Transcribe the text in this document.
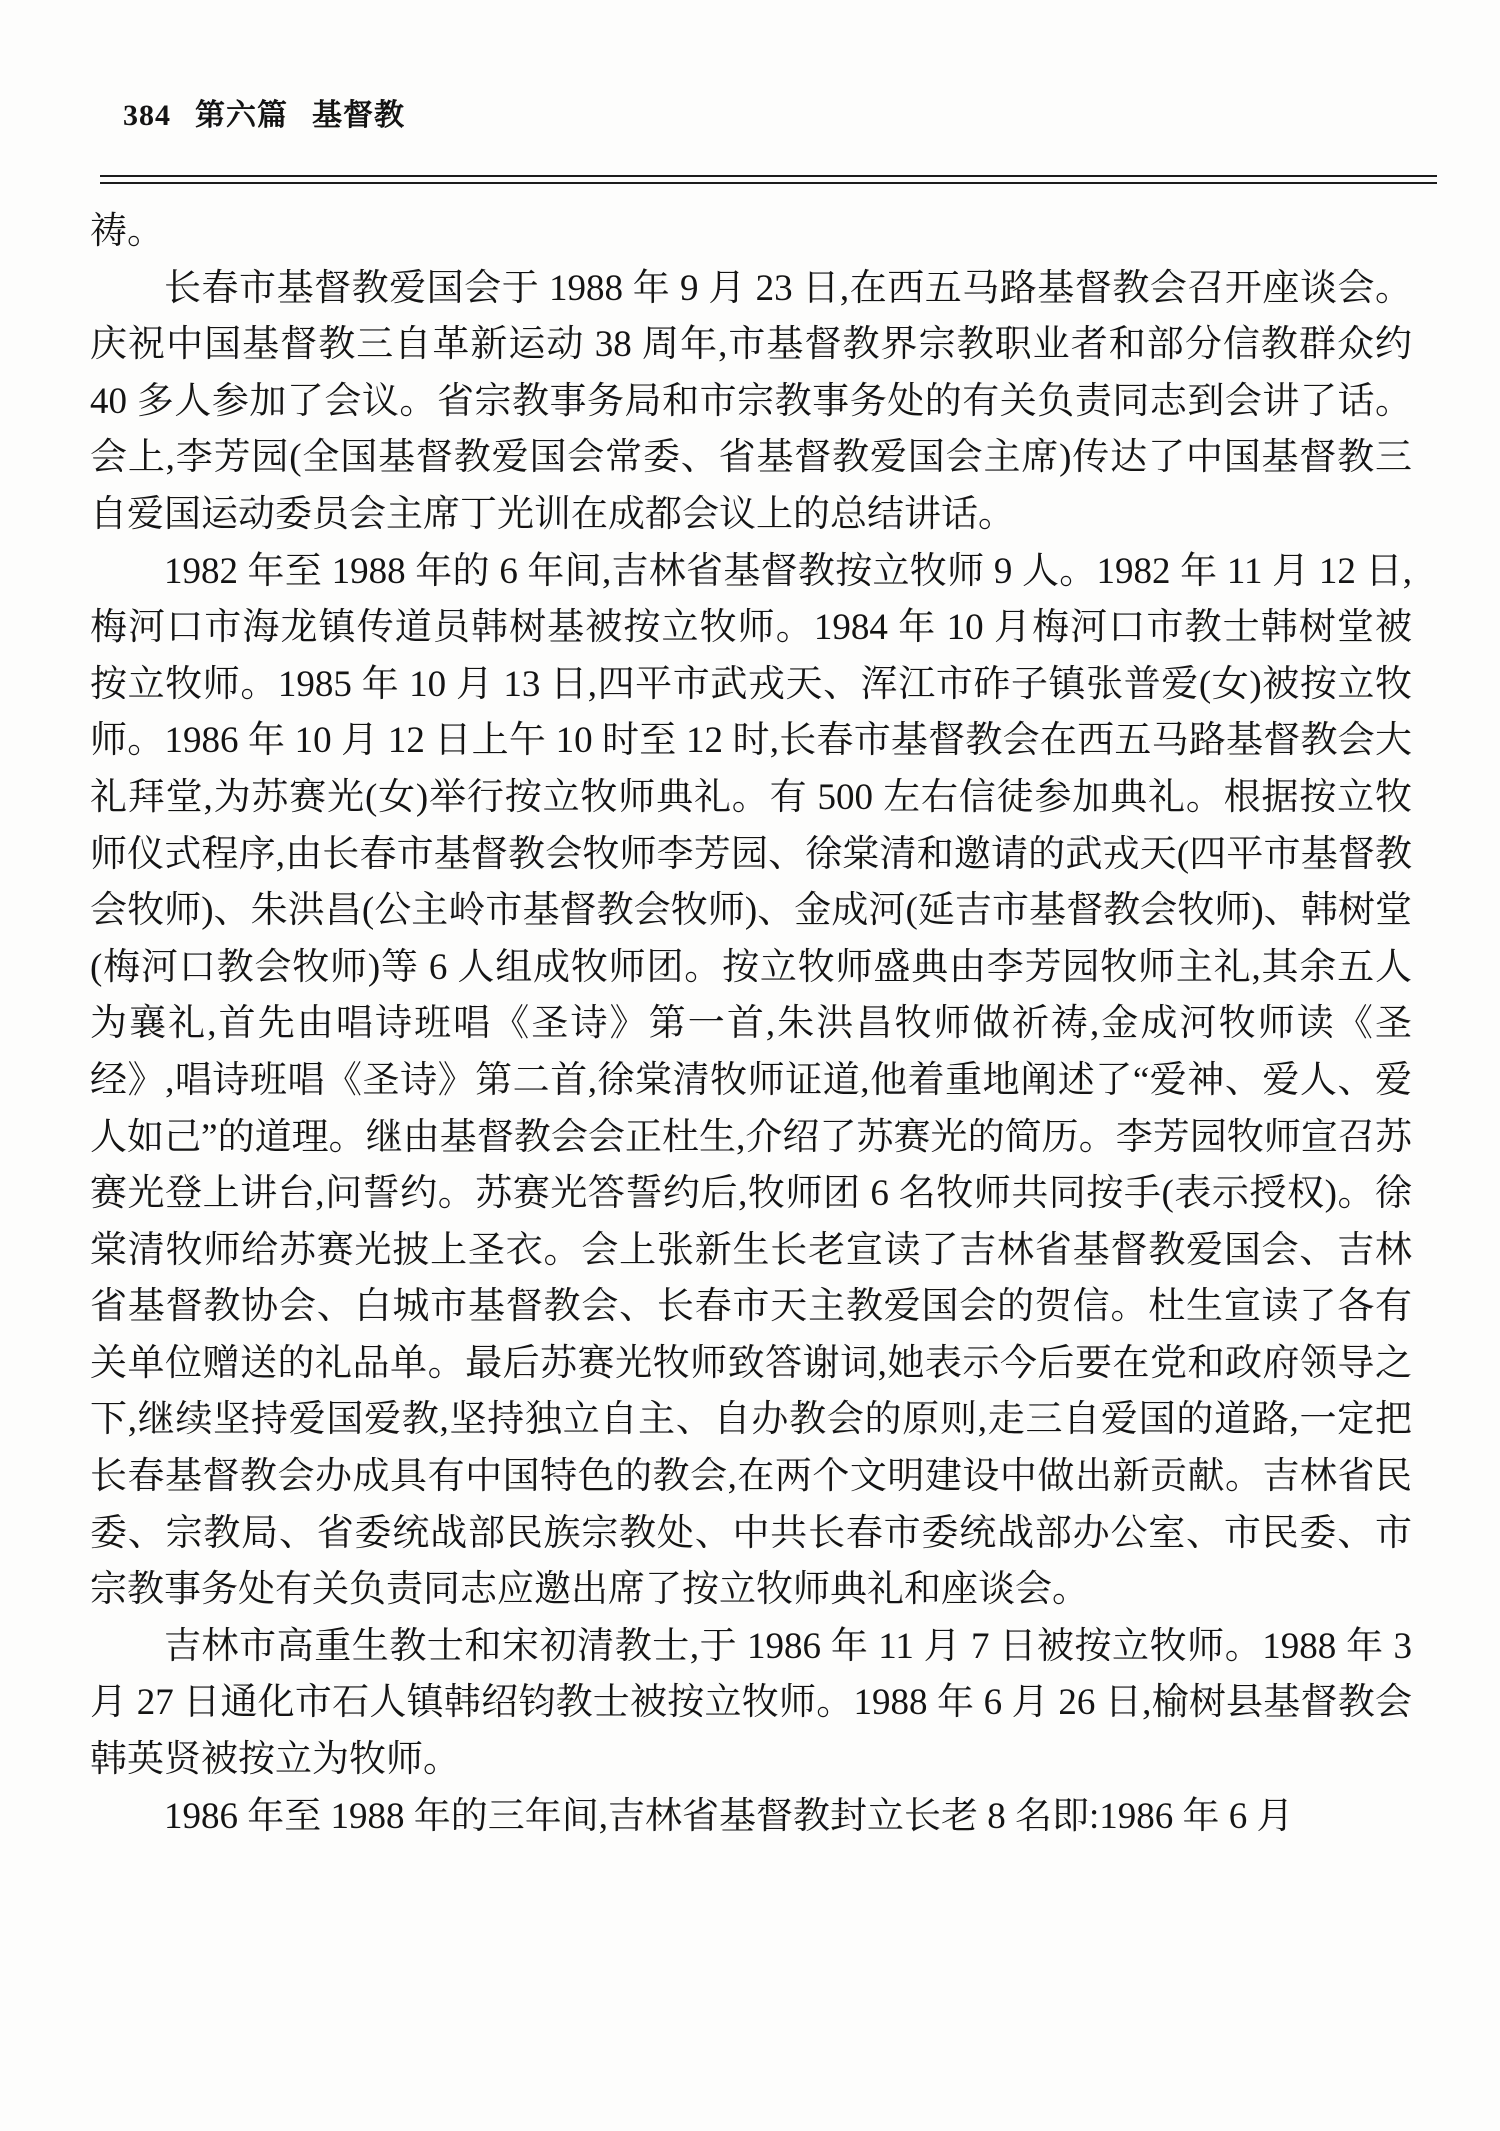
384 第六篇 基督教

祷。

长春市基督教爱国会于 1988 年 9 月 23 日,在西五马路基督教会召开座谈会。庆祝中国基督教三自革新运动 38 周年,市基督教界宗教职业者和部分信教群众约 40 多人参加了会议。省宗教事务局和市宗教事务处的有关负责同志到会讲了话。会上,李芳园(全国基督教爱国会常委、省基督教爱国会主席)传达了中国基督教三自爱国运动委员会主席丁光训在成都会议上的总结讲话。

1982 年至 1988 年的 6 年间,吉林省基督教按立牧师 9 人。1982 年 11 月 12 日,梅河口市海龙镇传道员韩树基被按立牧师。1984 年 10 月梅河口市教士韩树堂被按立牧师。1985 年 10 月 13 日,四平市武戎天、浑江市砟子镇张普爱(女)被按立牧师。1986 年 10 月 12 日上午 10 时至 12 时,长春市基督教会在西五马路基督教会大礼拜堂,为苏赛光(女)举行按立牧师典礼。有 500 左右信徒参加典礼。根据按立牧师仪式程序,由长春市基督教会牧师李芳园、徐棠清和邀请的武戎天(四平市基督教会牧师)、朱洪昌(公主岭市基督教会牧师)、金成河(延吉市基督教会牧师)、韩树堂(梅河口教会牧师)等 6 人组成牧师团。按立牧师盛典由李芳园牧师主礼,其余五人为襄礼,首先由唱诗班唱《圣诗》第一首,朱洪昌牧师做祈祷,金成河牧师读《圣经》,唱诗班唱《圣诗》第二首,徐棠清牧师证道,他着重地阐述了“爱神、爱人、爱人如己”的道理。继由基督教会会正杜生,介绍了苏赛光的简历。李芳园牧师宣召苏赛光登上讲台,问誓约。苏赛光答誓约后,牧师团 6 名牧师共同按手(表示授权)。徐棠清牧师给苏赛光披上圣衣。会上张新生长老宣读了吉林省基督教爱国会、吉林省基督教协会、白城市基督教会、长春市天主教爱国会的贺信。杜生宣读了各有关单位赠送的礼品单。最后苏赛光牧师致答谢词,她表示今后要在党和政府领导之下,继续坚持爱国爱教,坚持独立自主、自办教会的原则,走三自爱国的道路,一定把长春基督教会办成具有中国特色的教会,在两个文明建设中做出新贡献。吉林省民委、宗教局、省委统战部民族宗教处、中共长春市委统战部办公室、市民委、市宗教事务处有关负责同志应邀出席了按立牧师典礼和座谈会。

吉林市高重生教士和宋初清教士,于 1986 年 11 月 7 日被按立牧师。1988 年 3 月 27 日通化市石人镇韩绍钧教士被按立牧师。1988 年 6 月 26 日,榆树县基督教会韩英贤被按立为牧师。

1986 年至 1988 年的三年间,吉林省基督教封立长老 8 名即:1986 年 6 月
